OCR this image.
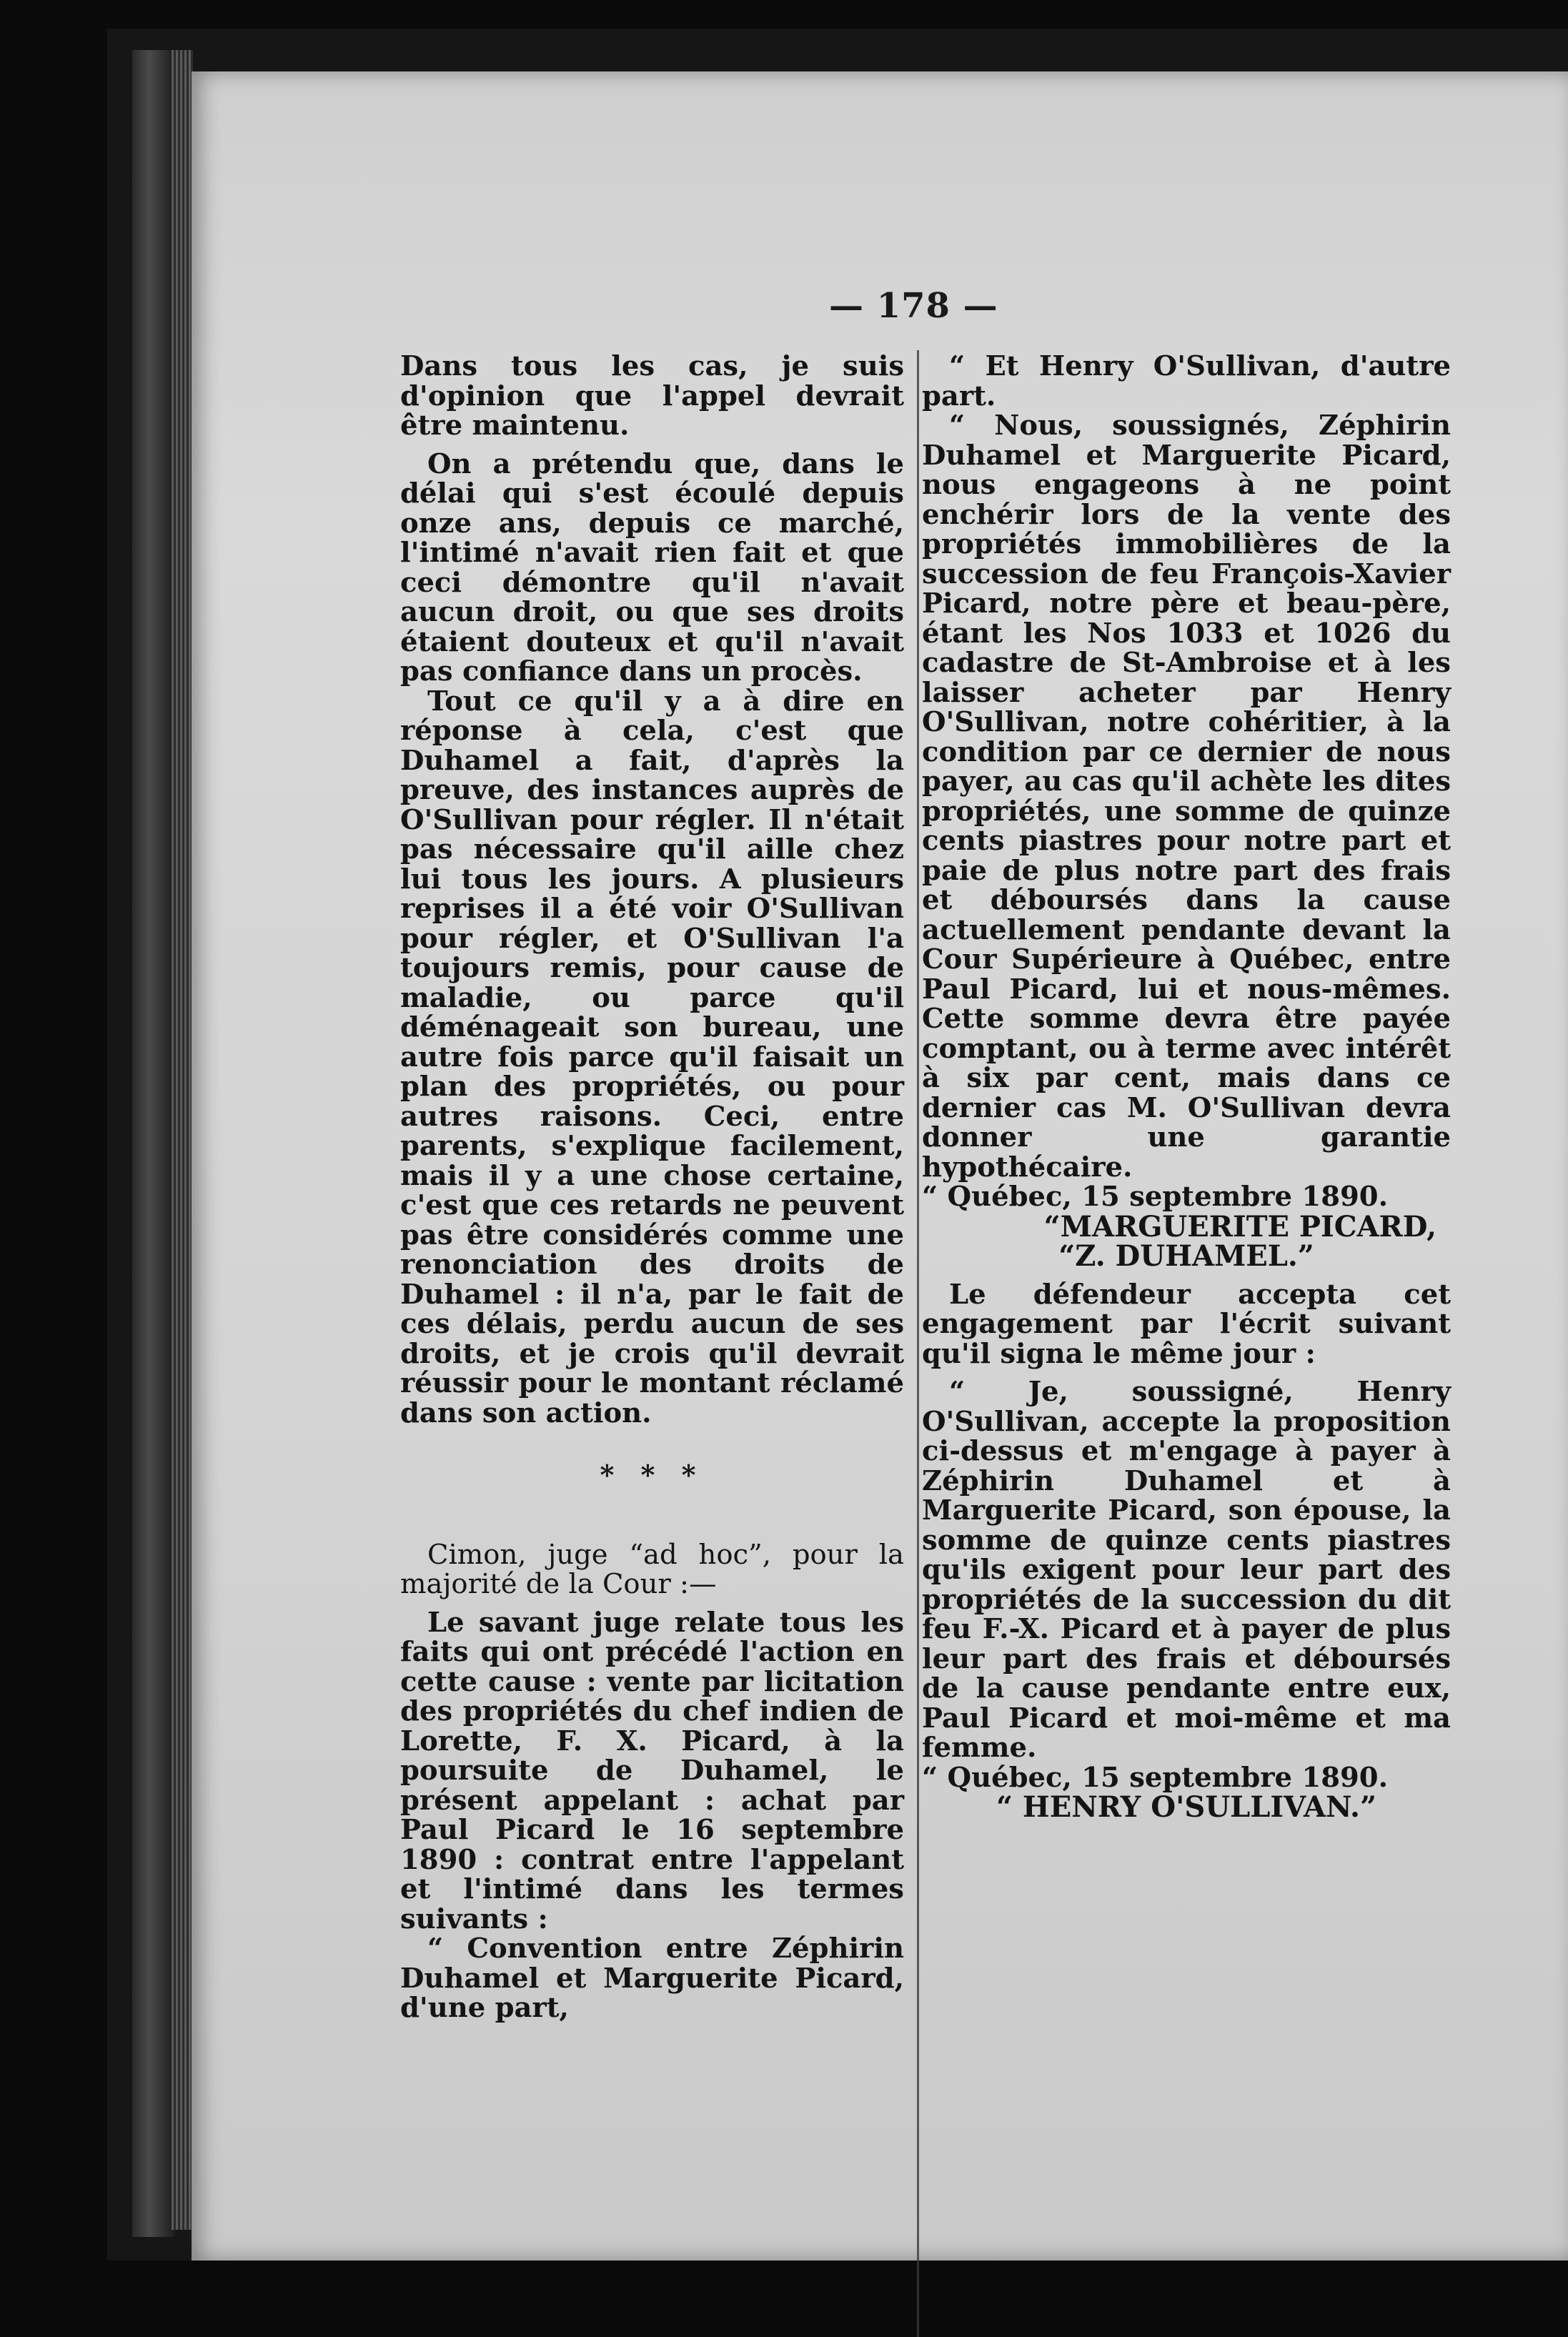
— 178 —

Dans tous les cas, je suis d'opinion que l'appel devrait être maintenu.

On a prétendu que, dans le délai qui s'est écoulé depuis onze ans, depuis ce marché, l'intimé n'avait rien fait et que ceci démontre qu'il n'avait aucun droit, ou que ses droits étaient douteux et qu'il n'avait pas confiance dans un procès.

Tout ce qu'il y a à dire en réponse à cela, c'est que Duhamel a fait, d'après la preuve, des instances auprès de O'Sullivan pour régler. Il n'était pas nécessaire qu'il aille chez lui tous les jours. A plusieurs reprises il a été voir O'Sullivan pour régler, et O'Sullivan l'a toujours remis, pour cause de maladie, ou parce qu'il déménageait son bureau, une autre fois parce qu'il faisait un plan des propriétés, ou pour autres raisons. Ceci, entre parents, s'explique facilement, mais il y a une chose certaine, c'est que ces retards ne peuvent pas être considérés comme une renonciation des droits de Duhamel : il n'a, par le fait de ces délais, perdu aucun de ses droits, et je crois qu'il devrait réussir pour le montant réclamé dans son action.

* * *

Cimon, juge “ad hoc”, pour la majorité de la Cour :—

Le savant juge relate tous les faits qui ont précédé l'action en cette cause : vente par licitation des propriétés du chef indien de Lorette, F. X. Picard, à la poursuite de Duhamel, le présent appelant : achat par Paul Picard le 16 septembre 1890 : contrat entre l'appelant et l'intimé dans les termes suivants :

“ Convention entre Zéphirin Duhamel et Marguerite Picard, d'une part,

“ Et Henry O'Sullivan, d'autre part.

“ Nous, soussignés, Zéphirin Duhamel et Marguerite Picard, nous engageons à ne point enchérir lors de la vente des propriétés immobilières de la succession de feu François-Xavier Picard, notre père et beau-père, étant les Nos 1033 et 1026 du cadastre de St-Ambroise et à les laisser acheter par Henry O'Sullivan, notre cohéritier, à la condition par ce dernier de nous payer, au cas qu'il achète les dites propriétés, une somme de quinze cents piastres pour notre part et paie de plus notre part des frais et déboursés dans la cause actuellement pendante devant la Cour Supérieure à Québec, entre Paul Picard, lui et nous-mêmes. Cette somme devra être payée comptant, ou à terme avec intérêt à six par cent, mais dans ce dernier cas M. O'Sullivan devra donner une garantie hypothécaire.

“ Québec, 15 septembre 1890.

“MARGUERITE PICARD,

“Z. DUHAMEL.”

Le défendeur accepta cet engagement par l'écrit suivant qu'il signa le même jour :

“ Je, soussigné, Henry O'Sullivan, accepte la proposition ci-dessus et m'engage à payer à Zéphirin Duhamel et à Marguerite Picard, son épouse, la somme de quinze cents piastres qu'ils exigent pour leur part des propriétés de la succession du dit feu F.-X. Picard et à payer de plus leur part des frais et déboursés de la cause pendante entre eux, Paul Picard et moi-même et ma femme.

“ Québec, 15 septembre 1890.

“ HENRY O'SULLIVAN.”
